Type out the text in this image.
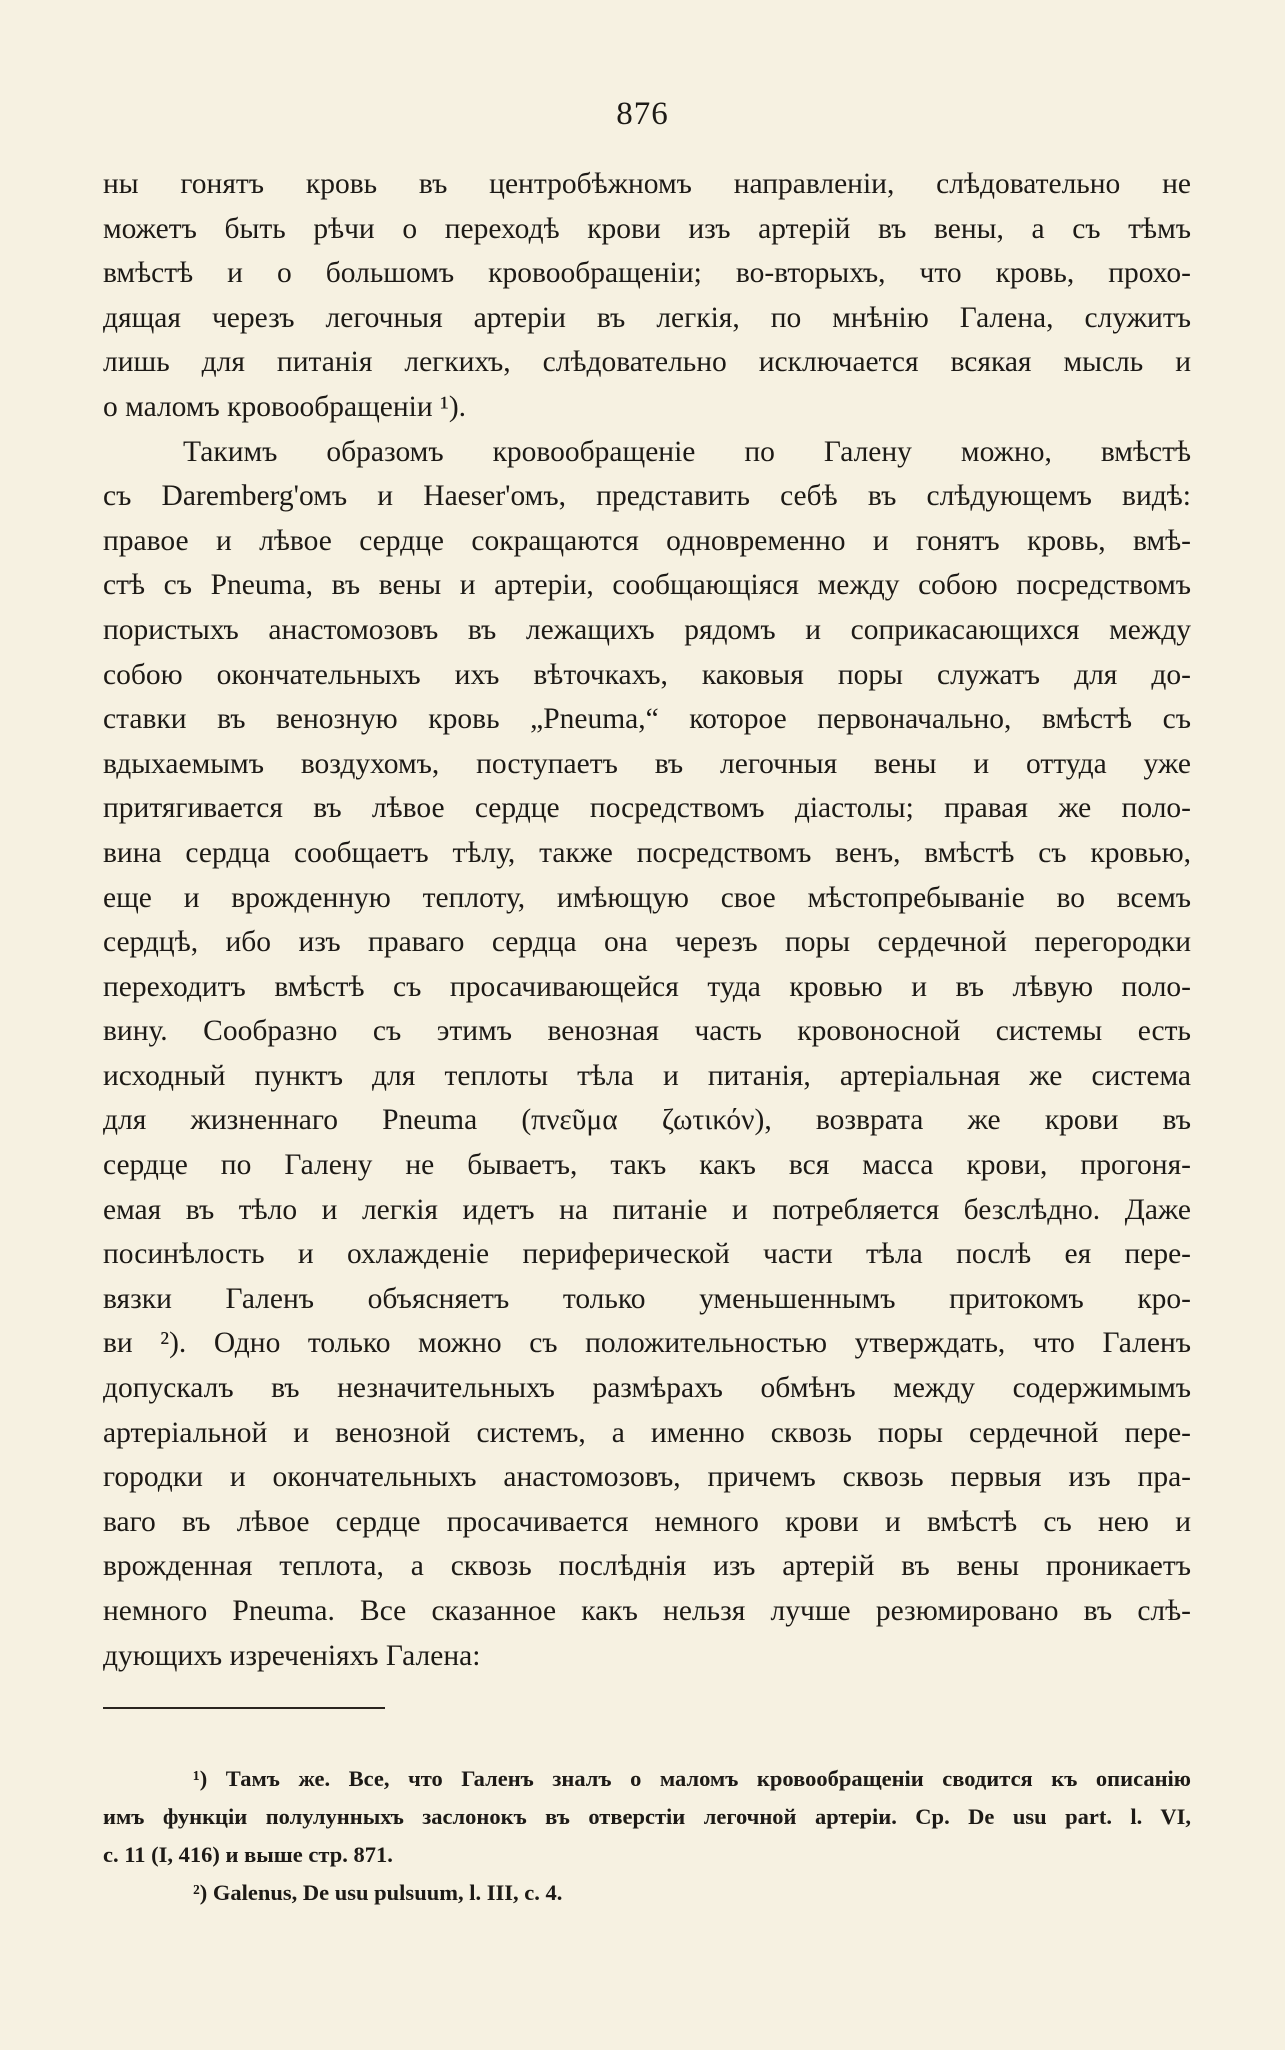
876
ны гонятъ кровь въ центробѣжномъ направленіи, слѣдовательно не
можетъ быть рѣчи о переходѣ крови изъ артерій въ вены, а съ тѣмъ
вмѣстѣ и о большомъ кровообращеніи; во-вторыхъ, что кровь, прохо-
дящая черезъ легочныя артеріи въ легкія, по мнѣнію Галена, служитъ
лишь для питанія легкихъ, слѣдовательно исключается всякая мысль и
о маломъ кровообращеніи ¹).
Такимъ образомъ кровообращеніе по Галену можно, вмѣстѣ
съ Daremberg'омъ и Haeser'омъ, представить себѣ въ слѣдующемъ видѣ:
правое и лѣвое сердце сокращаются одновременно и гонятъ кровь, вмѣ-
стѣ съ Pneuma, въ вены и артеріи, сообщающіяся между собою посредствомъ
пористыхъ анастомозовъ въ лежащихъ рядомъ и соприкасающихся между
собою окончательныхъ ихъ вѣточкахъ, каковыя поры служатъ для до-
ставки въ венозную кровь „Pneuma,“ которое первоначально, вмѣстѣ съ
вдыхаемымъ воздухомъ, поступаетъ въ легочныя вены и оттуда уже
притягивается въ лѣвое сердце посредствомъ діастолы; правая же поло-
вина сердца сообщаетъ тѣлу, также посредствомъ венъ, вмѣстѣ съ кровью,
еще и врожденную теплоту, имѣющую свое мѣстопребываніе во всемъ
сердцѣ, ибо изъ праваго сердца она черезъ поры сердечной перегородки
переходитъ вмѣстѣ съ просачивающейся туда кровью и въ лѣвую поло-
вину. Сообразно съ этимъ венозная часть кровоносной системы есть
исходный пунктъ для теплоты тѣла и питанія, артеріальная же система
для жизненнаго Pneuma (πνεῦμα ζωτικόν), возврата же крови въ
сердце по Галену не бываетъ, такъ какъ вся масса крови, прогоня-
емая въ тѣло и легкія идетъ на питаніе и потребляется безслѣдно. Даже
посинѣлость и охлажденіе периферической части тѣла послѣ ея пере-
вязки Галенъ объясняетъ только уменьшеннымъ притокомъ кро-
ви ²). Одно только можно съ положительностью утверждать, что Галенъ
допускалъ въ незначительныхъ размѣрахъ обмѣнъ между содержимымъ
артеріальной и венозной системъ, а именно сквозь поры сердечной пере-
городки и окончательныхъ анастомозовъ, причемъ сквозь первыя изъ пра-
ваго въ лѣвое сердце просачивается немного крови и вмѣстѣ съ нею и
врожденная теплота, а сквозь послѣднія изъ артерій въ вены проникаетъ
немного Pneuma. Все сказанное какъ нельзя лучше резюмировано въ слѣ-
дующихъ изреченіяхъ Галена:
¹) Тамъ же. Все, что Галенъ зналъ о маломъ кровообращеніи сводится къ описанію
имъ функціи полулунныхъ заслонокъ въ отверстіи легочной артеріи. Ср. De usu part. l. VI,
c. 11 (I, 416) и выше стр. 871.
²) Galenus, De usu pulsuum, l. III, c. 4.
